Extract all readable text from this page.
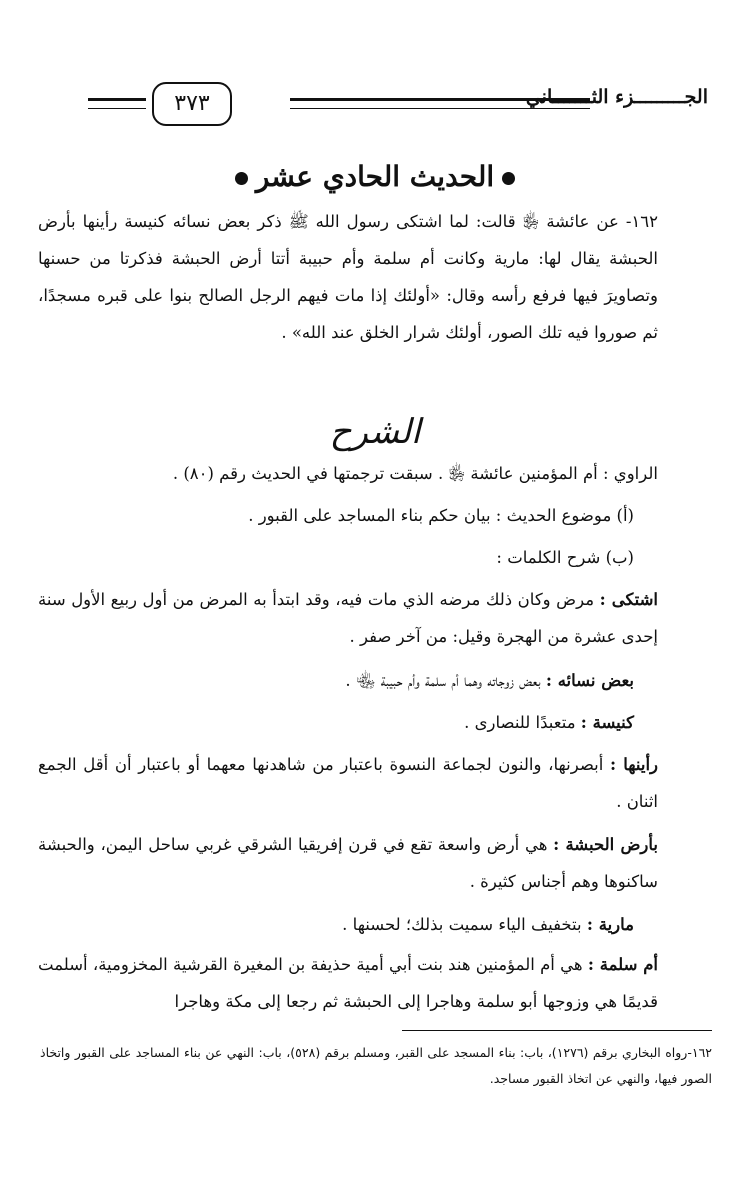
الجـــــــــزء الثـــــــاني
٣٧٣
الحديث الحادي عشر
١٦٢- عن عائشة ﵂ قالت: لما اشتكى رسول الله ﷺ ذكر بعض نسائه كنيسة رأينها بأرض الحبشة يقال لها: مارية وكانت أم سلمة وأم حبيبة أتتا أرض الحبشة فذكرتا من حسنها وتصاويرَ فيها فرفع رأسه وقال: «أولئك إذا مات فيهم الرجل الصالح بنوا على قبره مسجدًا، ثم صوروا فيه تلك الصور، أولئك شرار الخلق عند الله» .
الشرح
الراوي : أم المؤمنين عائشة ﵂ . سبقت ترجمتها في الحديث رقم (٨٠) .
(أ) موضوع الحديث : بيان حكم بناء المساجد على القبور .
(ب) شرح الكلمات :
اشتكى : مرض وكان ذلك مرضه الذي مات فيه، وقد ابتدأ به المرض من أول ربيع الأول سنة إحدى عشرة من الهجرة وقيل: من آخر صفر .
بعض نسائه : بعض زوجاته وهما أم سلمة وأم حبيبة ﵄ .
كنيسة : متعبدًا للنصارى .
رأينها : أبصرنها، والنون لجماعة النسوة باعتبار من شاهدنها معهما أو باعتبار أن أقل الجمع اثنان .
بأرض الحبشة : هي أرض واسعة تقع في قرن إفريقيا الشرقي غربي ساحل اليمن، والحبشة ساكنوها وهم أجناس كثيرة .
مارية : بتخفيف الياء سميت بذلك؛ لحسنها .
أم سلمة : هي أم المؤمنين هند بنت أبي أمية حذيفة بن المغيرة القرشية المخزومية، أسلمت قديمًا هي وزوجها أبو سلمة وهاجرا إلى الحبشة ثم رجعا إلى مكة وهاجرا
١٦٢-رواه البخاري برقم (١٢٧٦)، باب: بناء المسجد على القبر، ومسلم برقم (٥٢٨)، باب: النهي عن بناء المساجد على القبور واتخاذ الصور فيها، والنهي عن اتخاذ القبور مساجد.
